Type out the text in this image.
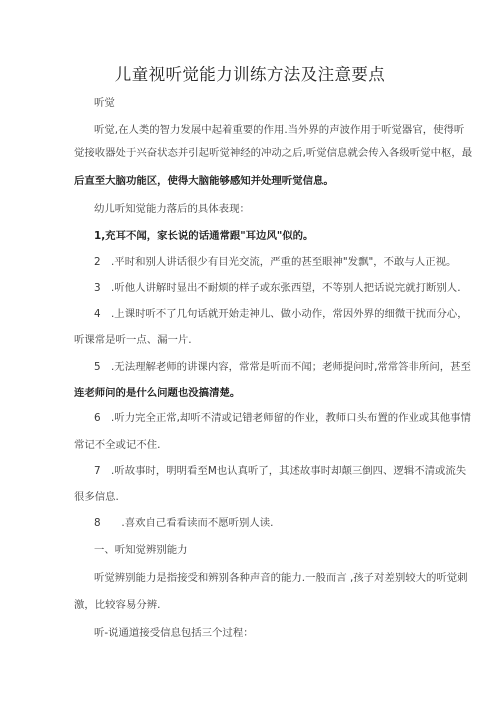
儿童视听觉能力训练方法及注意要点
听觉
听觉,在人类的智力发展中起着重要的作用.当外界的声波作用于听觉器官，使得听
觉接收器处于兴奋状态并引起听觉神经的冲动之后,听觉信息就会传入各级听觉中枢，最
后直至大脑功能区，使得大脑能够感知并处理听觉信息。
幼儿听知觉能力落后的具体表现：
1,充耳不闻，家长说的话通常跟"耳边风"似的。
2　.平时和别人讲话很少有目光交流，严重的甚至眼神"发飘"，不敢与人正视。
3　.听他人讲解时显出不耐烦的样子或东张西望，不等别人把话说完就打断别人.
4　.上课时听不了几句话就开始走神儿、做小动作，常因外界的细微干扰而分心，
听课常是听一点、漏一片.
5　.无法理解老师的讲课内容，常常是听而不闻；老师提问时,常常答非所问，甚至
连老师问的是什么问题也没搞清楚。
6　.听力完全正常,却听不清或记错老师留的作业，教师口头布置的作业或其他事情
常记不全或记不住.
7　.听故事时，明明看至M也认真听了，其述故事时却颠三倒四、逻辑不清或流失
很多信息.
8　　.喜欢自己看看读而不愿听别人读.
一、听知觉辨别能力
听觉辨别能力是指接受和辨别各种声音的能力.一般而言 ,孩子对差别较大的听觉刺
激，比较容易分辨.
听-说通道接受信息包括三个过程：
